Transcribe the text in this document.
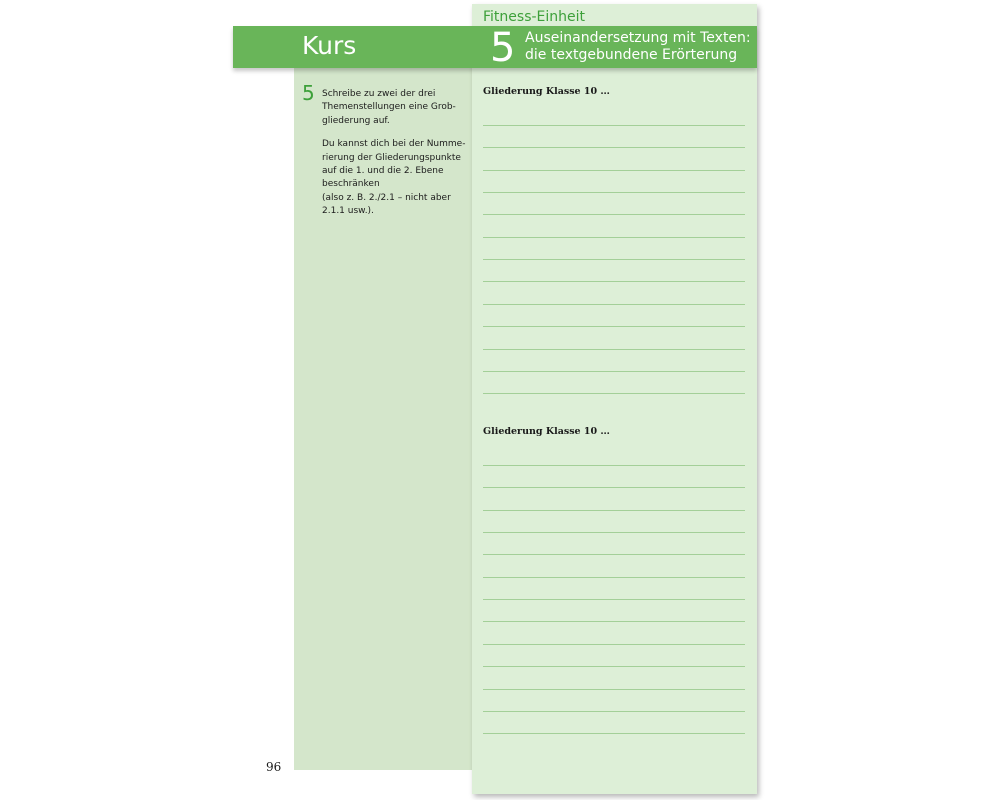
Kurs
Fitness-Einheit
5 Auseinandersetzung mit Texten:
die textgebundene Erörterung
5 Schreibe zu zwei der drei
Themenstellungen eine Grob-
gliederung auf.

Du kannst dich bei der Numme-
rierung der Gliederungspunkte
auf die 1. und die 2. Ebene
beschränken
(also z. B. 2./2.1 – nicht aber
2.1.1 usw.).

Gliederung Klasse 10 …
Gliederung Klasse 10 …
96
